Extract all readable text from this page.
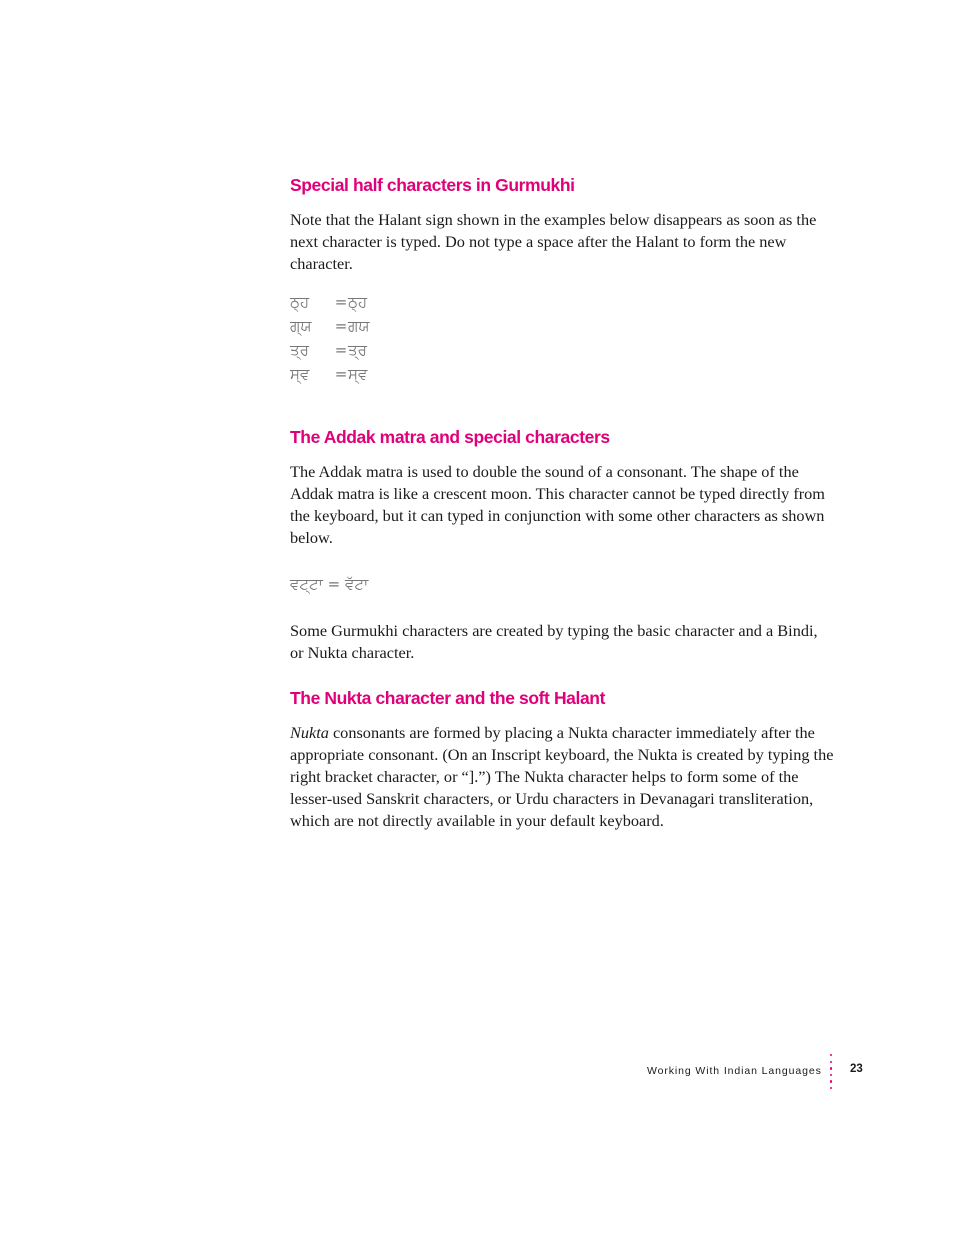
Special half characters in Gurmukhi

Note that the Halant sign shown in the examples below disappears as soon as the next character is typed. Do not type a space after the Halant to form the new character.

ਠ੍ਹ =ਠ੍ਹ
ਗ੍ਯ =ਗਯ
ਤ੍ਰ =ਤ੍ਰ
ਸ੍ਵ =ਸ੍ਵ
The Addak matra and special characters

The Addak matra is used to double the sound of a consonant. The shape of the Addak matra is like a crescent moon. This character cannot be typed directly from the keyboard, but it can typed in conjunction with some other characters as shown below.

ਵਟ੍ਟਾ = ਵੱਟਾ

Some Gurmukhi characters are created by typing the basic character and a Bindi, or Nukta character.

The Nukta character and the soft Halant

Nukta consonants are formed by placing a Nukta character immediately after the appropriate consonant. (On an Inscript keyboard, the Nukta is created by typing the right bracket character, or “].”) The Nukta character helps to form some of the lesser-used Sanskrit characters, or Urdu characters in Devanagari transliteration, which are not directly available in your default keyboard.

Working With Indian Languages 23
